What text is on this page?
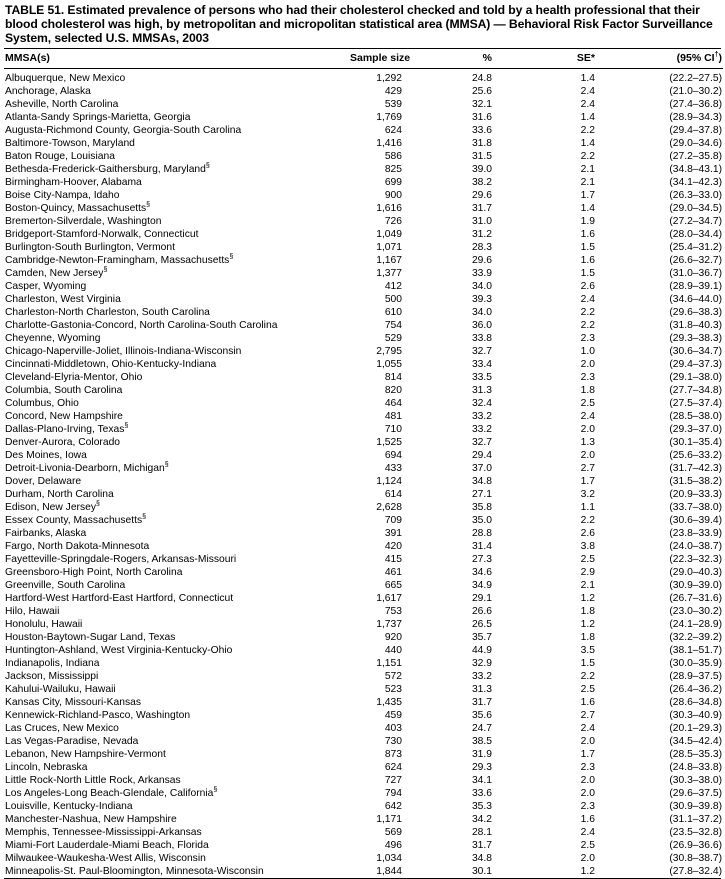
TABLE 51. Estimated prevalence of persons who had their cholesterol checked and told by a health professional that their blood cholesterol was high, by metropolitan and micropolitan statistical area (MMSA) — Behavioral Risk Factor Surveillance System, selected U.S. MMSAs, 2003
MMSA(s)	Sample size	%	SE*	(95% CI†)
Albuquerque, New Mexico	1,292	24.8	1.4	(22.2–27.5)
Anchorage, Alaska	429	25.6	2.4	(21.0–30.2)
Asheville, North Carolina	539	32.1	2.4	(27.4–36.8)
Atlanta-Sandy Springs-Marietta, Georgia	1,769	31.6	1.4	(28.9–34.3)
Augusta-Richmond County, Georgia-South Carolina	624	33.6	2.2	(29.4–37.8)
Baltimore-Towson, Maryland	1,416	31.8	1.4	(29.0–34.6)
Baton Rouge, Louisiana	586	31.5	2.2	(27.2–35.8)
Bethesda-Frederick-Gaithersburg, Maryland§	825	39.0	2.1	(34.8–43.1)
Birmingham-Hoover, Alabama	699	38.2	2.1	(34.1–42.3)
Boise City-Nampa, Idaho	900	29.6	1.7	(26.3–33.0)
Boston-Quincy, Massachusetts§	1,616	31.7	1.4	(29.0–34.5)
Bremerton-Silverdale, Washington	726	31.0	1.9	(27.2–34.7)
Bridgeport-Stamford-Norwalk, Connecticut	1,049	31.2	1.6	(28.0–34.4)
Burlington-South Burlington, Vermont	1,071	28.3	1.5	(25.4–31.2)
Cambridge-Newton-Framingham, Massachusetts§	1,167	29.6	1.6	(26.6–32.7)
Camden, New Jersey§	1,377	33.9	1.5	(31.0–36.7)
Casper, Wyoming	412	34.0	2.6	(28.9–39.1)
Charleston, West Virginia	500	39.3	2.4	(34.6–44.0)
Charleston-North Charleston, South Carolina	610	34.0	2.2	(29.6–38.3)
Charlotte-Gastonia-Concord, North Carolina-South Carolina	754	36.0	2.2	(31.8–40.3)
Cheyenne, Wyoming	529	33.8	2.3	(29.3–38.3)
Chicago-Naperville-Joliet, Illinois-Indiana-Wisconsin	2,795	32.7	1.0	(30.6–34.7)
Cincinnati-Middletown, Ohio-Kentucky-Indiana	1,055	33.4	2.0	(29.4–37.3)
Cleveland-Elyria-Mentor, Ohio	814	33.5	2.3	(29.1–38.0)
Columbia, South Carolina	820	31.3	1.8	(27.7–34.8)
Columbus, Ohio	464	32.4	2.5	(27.5–37.4)
Concord, New Hampshire	481	33.2	2.4	(28.5–38.0)
Dallas-Plano-Irving, Texas§	710	33.2	2.0	(29.3–37.0)
Denver-Aurora, Colorado	1,525	32.7	1.3	(30.1–35.4)
Des Moines, Iowa	694	29.4	2.0	(25.6–33.2)
Detroit-Livonia-Dearborn, Michigan§	433	37.0	2.7	(31.7–42.3)
Dover, Delaware	1,124	34.8	1.7	(31.5–38.2)
Durham, North Carolina	614	27.1	3.2	(20.9–33.3)
Edison, New Jersey§	2,628	35.8	1.1	(33.7–38.0)
Essex County, Massachusetts§	709	35.0	2.2	(30.6–39.4)
Fairbanks, Alaska	391	28.8	2.6	(23.8–33.9)
Fargo, North Dakota-Minnesota	420	31.4	3.8	(24.0–38.7)
Fayetteville-Springdale-Rogers, Arkansas-Missouri	415	27.3	2.5	(22.3–32.3)
Greensboro-High Point, North Carolina	461	34.6	2.9	(29.0–40.3)
Greenville, South Carolina	665	34.9	2.1	(30.9–39.0)
Hartford-West Hartford-East Hartford, Connecticut	1,617	29.1	1.2	(26.7–31.6)
Hilo, Hawaii	753	26.6	1.8	(23.0–30.2)
Honolulu, Hawaii	1,737	26.5	1.2	(24.1–28.9)
Houston-Baytown-Sugar Land, Texas	920	35.7	1.8	(32.2–39.2)
Huntington-Ashland, West Virginia-Kentucky-Ohio	440	44.9	3.5	(38.1–51.7)
Indianapolis, Indiana	1,151	32.9	1.5	(30.0–35.9)
Jackson, Mississippi	572	33.2	2.2	(28.9–37.5)
Kahului-Wailuku, Hawaii	523	31.3	2.5	(26.4–36.2)
Kansas City, Missouri-Kansas	1,435	31.7	1.6	(28.6–34.8)
Kennewick-Richland-Pasco, Washington	459	35.6	2.7	(30.3–40.9)
Las Cruces, New Mexico	403	24.7	2.4	(20.1–29.3)
Las Vegas-Paradise, Nevada	730	38.5	2.0	(34.5–42.4)
Lebanon, New Hampshire-Vermont	873	31.9	1.7	(28.5–35.3)
Lincoln, Nebraska	624	29.3	2.3	(24.8–33.8)
Little Rock-North Little Rock, Arkansas	727	34.1	2.0	(30.3–38.0)
Los Angeles-Long Beach-Glendale, California§	794	33.6	2.0	(29.6–37.5)
Louisville, Kentucky-Indiana	642	35.3	2.3	(30.9–39.8)
Manchester-Nashua, New Hampshire	1,171	34.2	1.6	(31.1–37.2)
Memphis, Tennessee-Mississippi-Arkansas	569	28.1	2.4	(23.5–32.8)
Miami-Fort Lauderdale-Miami Beach, Florida	496	31.7	2.5	(26.9–36.6)
Milwaukee-Waukesha-West Allis, Wisconsin	1,034	34.8	2.0	(30.8–38.7)
Minneapolis-St. Paul-Bloomington, Minnesota-Wisconsin	1,844	30.1	1.2	(27.8–32.4)
